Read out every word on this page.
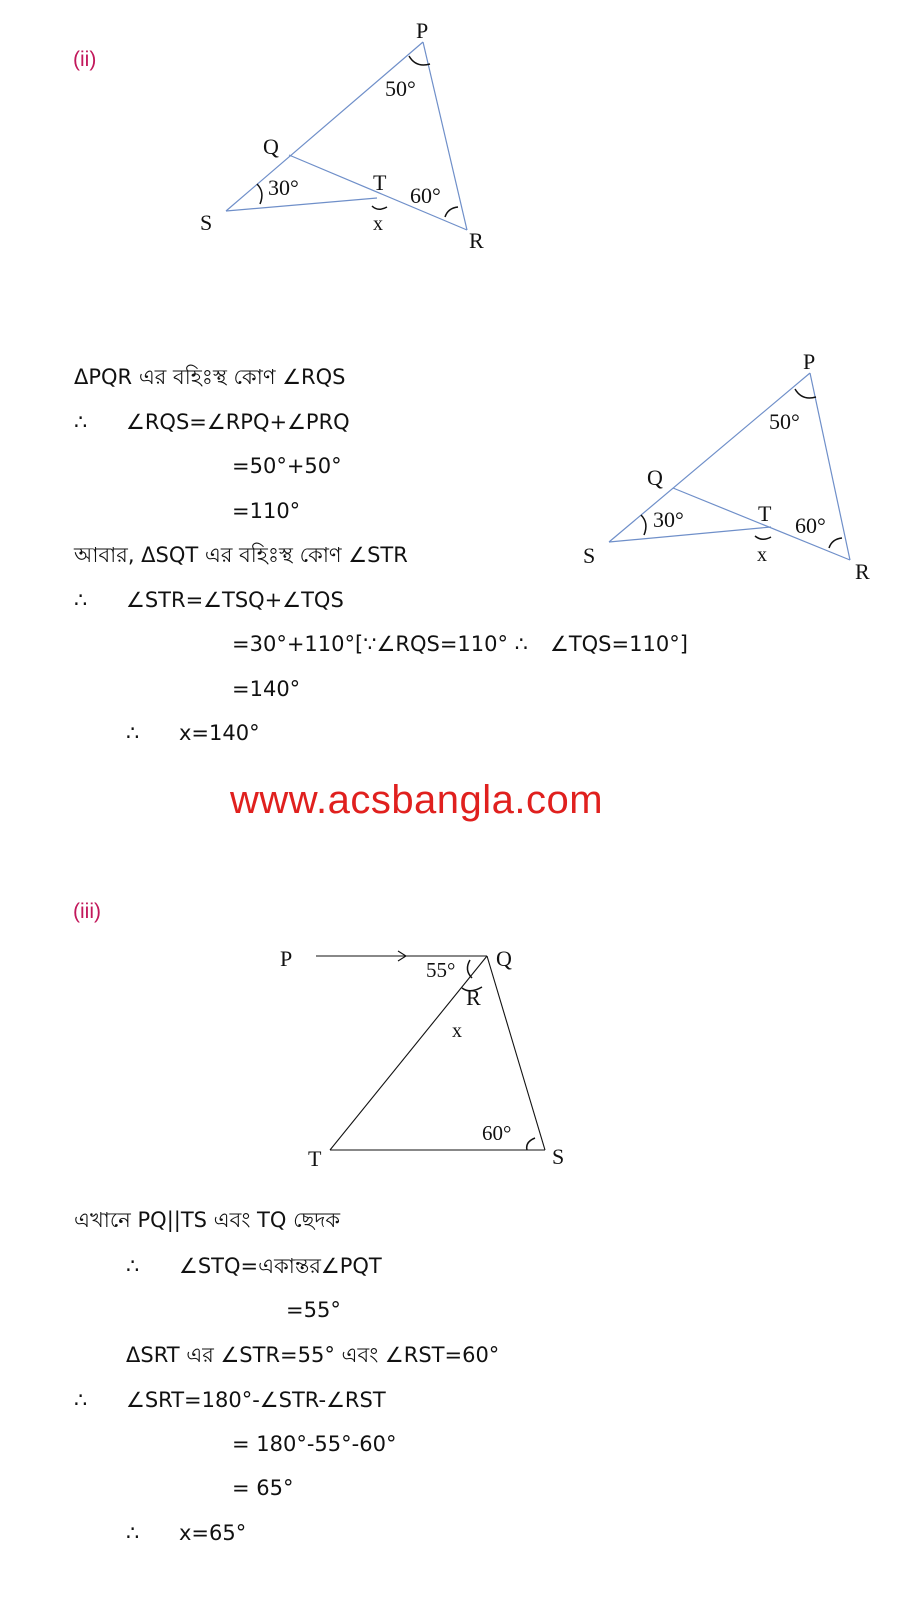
(ii)
P
Q
R
S
T
50°
60°
30°
x
P
Q
R
S
T
50°
60°
30°
x
ΔPQR এর বহিঃস্থ কোণ ∠RQS
∴ ∠RQS=∠RPQ+∠PRQ
=50°+50°
=110°
আবার, ΔSQT এর বহিঃস্থ কোণ ∠STR
∴ ∠STR=∠TSQ+∠TQS
=30°+110°[∵∠RQS=110° ∴ ∠TQS=110°]
=140°
∴ x=140°
www.acsbangla.com
(iii)
P	Q
R
S
T
55°
60°
x
এখানে PQ||TS এবং TQ ছেদক
∴ ∠STQ=একান্তর∠PQT
=55°
ΔSRT এর ∠STR=55° এবং ∠RST=60°
∴ ∠SRT=180°-∠STR-∠RST
= 180°-55°-60°
= 65°
∴ x=65°
